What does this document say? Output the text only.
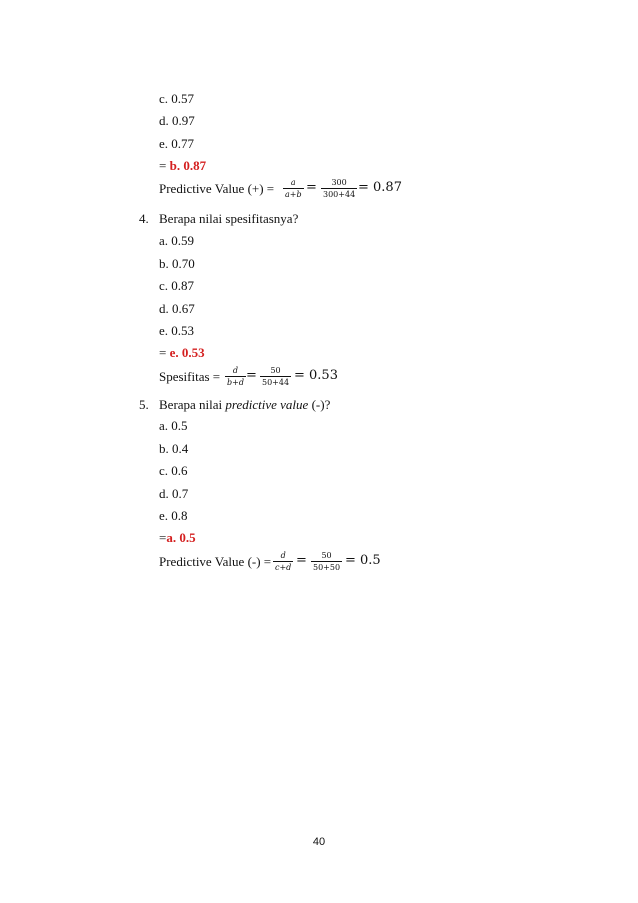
c. 0.57
d. 0.97
e. 0.77
= b. 0.87
Predictive Value (+) =	a
a+b =	300
300+44 = 0.87
4. Berapa nilai spesifitasnya?
a. 0.59
b. 0.70
c. 0.87
d. 0.67
e. 0.53
= e. 0.53
Spesifitas =	d
b+d =	50
50+44 = 0.53
5. Berapa nilai predictive value (-)?
a. 0.5
b. 0.4
c. 0.6
d. 0.7
e. 0.8
=a. 0.5
Predictive Value (-) =	d
c+d =	50
50+50 = 0.5
40
